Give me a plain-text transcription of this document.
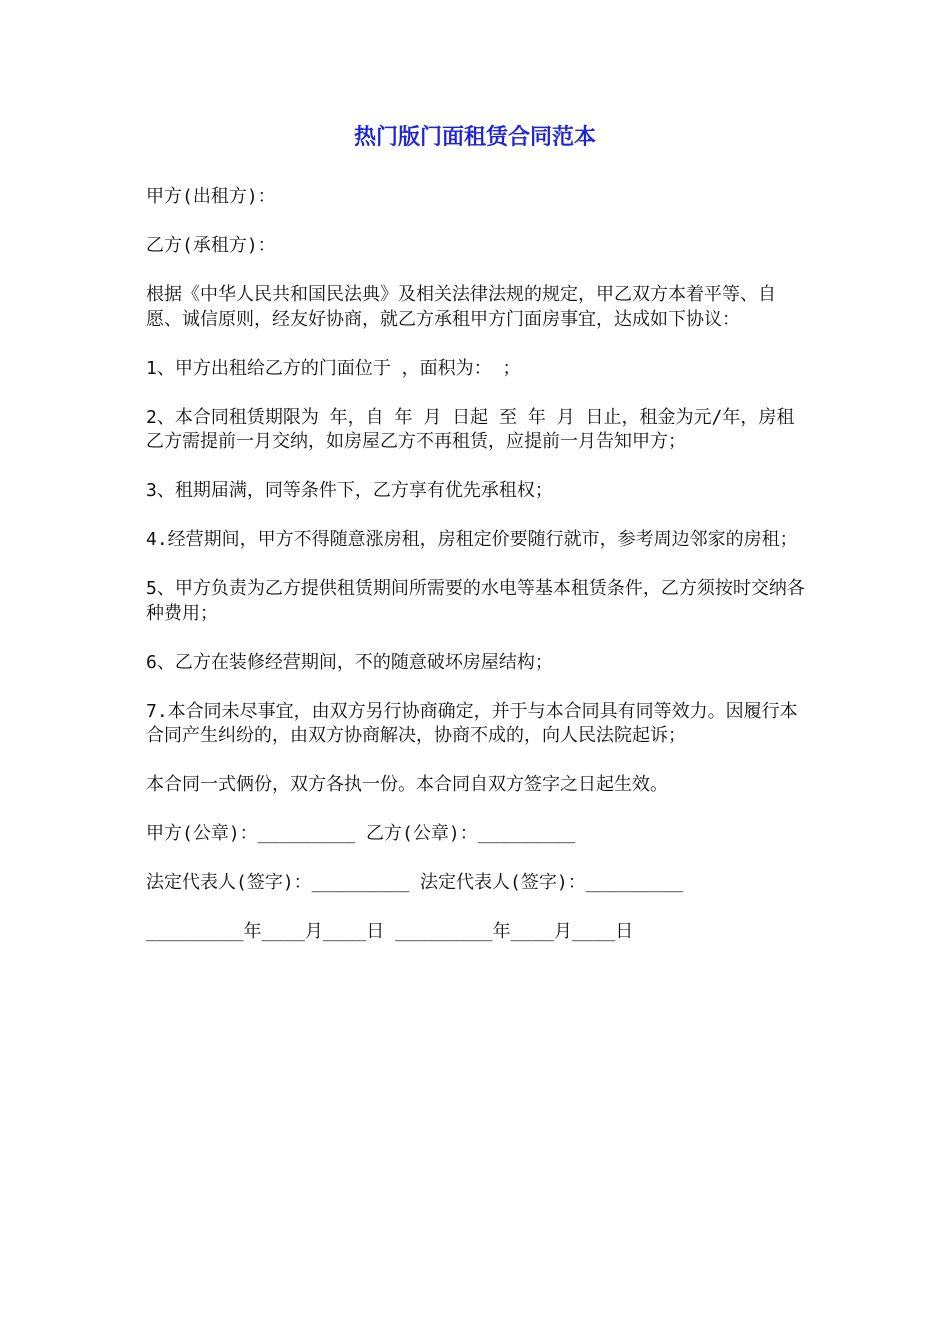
热门版门面租赁合同范本

甲方(出租方)：

乙方(承租方)：

根据《中华人民共和国民法典》及相关法律法规的规定，甲乙双方本着平等、自愿、诚信原则，经友好协商，就乙方承租甲方门面房事宜，达成如下协议：

1、甲方出租给乙方的门面位于 ，面积为： ；

2、本合同租赁期限为 年，自 年 月 日起 至 年 月 日止，租金为元/年，房租乙方需提前一月交纳，如房屋乙方不再租赁，应提前一月告知甲方；

3、租期届满，同等条件下，乙方享有优先承租权；

4.经营期间，甲方不得随意涨房租，房租定价要随行就市，参考周边邻家的房租；

5、甲方负责为乙方提供租赁期间所需要的水电等基本租赁条件，乙方须按时交纳各种费用；

6、乙方在装修经营期间，不的随意破坏房屋结构；

7.本合同未尽事宜，由双方另行协商确定，并于与本合同具有同等效力。因履行本合同产生纠纷的，由双方协商解决，协商不成的，向人民法院起诉；

本合同一式俩份，双方各执一份。本合同自双方签字之日起生效。

甲方(公章)：_________ 乙方(公章)：_________

法定代表人(签字)：_________ 法定代表人(签字)：_________

_________年____月____日 _________年____月____日
